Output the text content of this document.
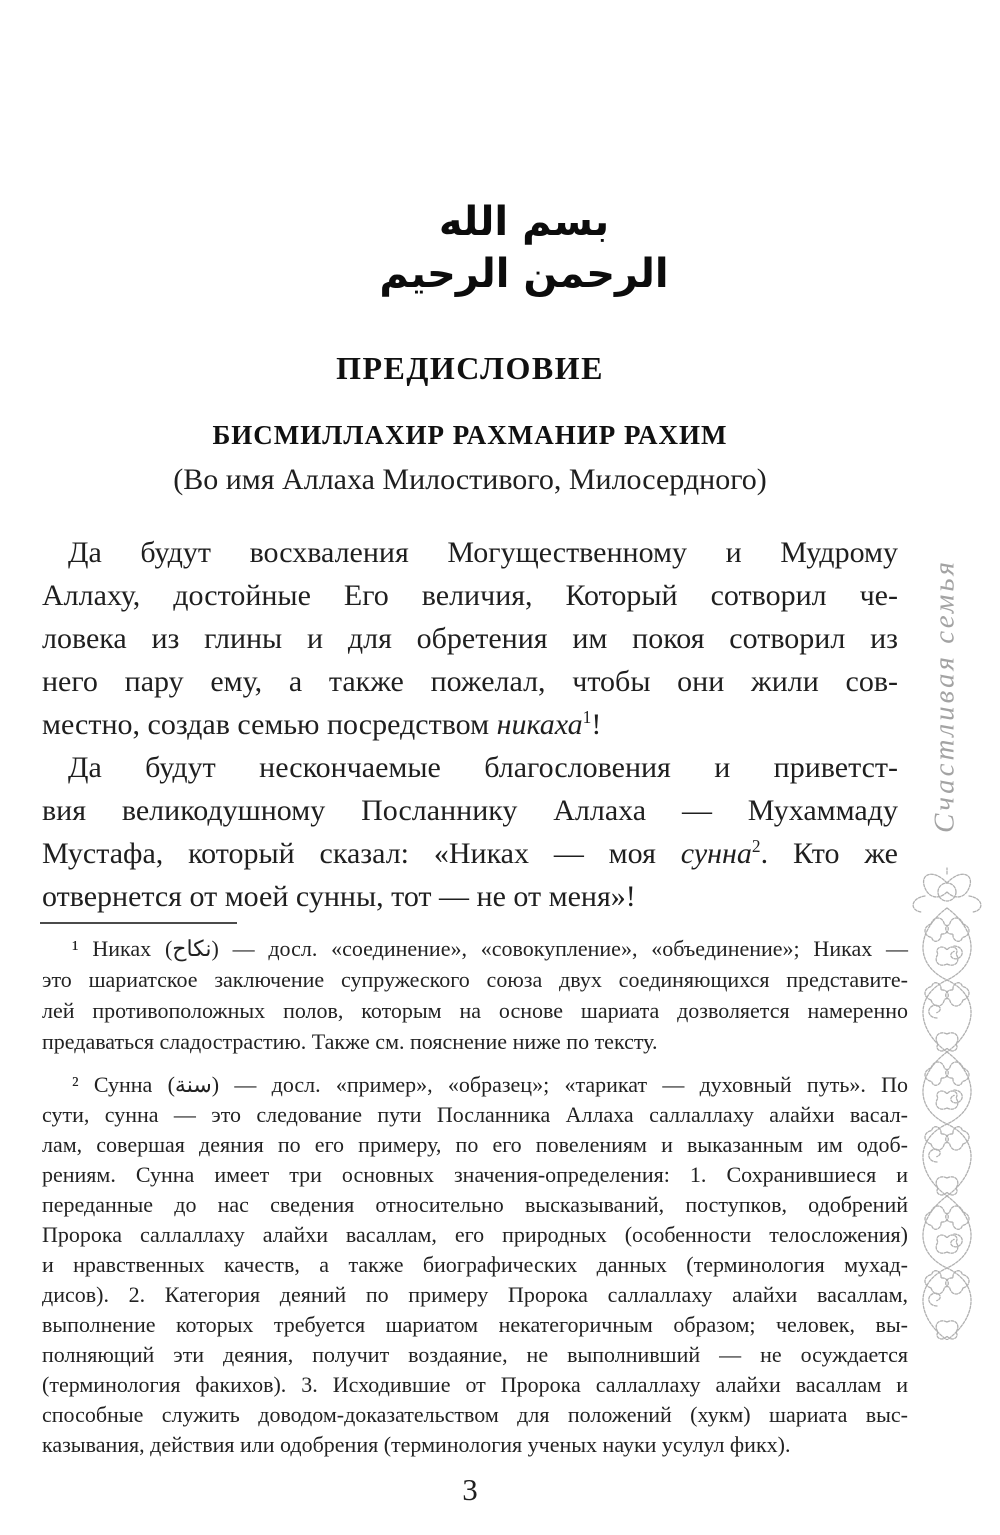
بسم الله الرحمن الرحيم
ПРЕДИСЛОВИЕ
БИСМИЛЛАХИР РАХМАНИР РАХИМ
(Во имя Аллаха Милостивого, Милосердного)
Да будут восхваления Могущественному и Мудрому
Аллаху, достойные Его величия, Который сотворил че-
ловека из глины и для обретения им покоя сотворил из
него пару ему, а также пожелал, чтобы они жили сов-
местно, создав семью посредством никаха$^1$!
Да будут нескончаемые благословения и приветст-
вия великодушному Посланнику Аллаха — Мухаммаду
Мустафа, который сказал: «Никах — моя сунна$^2$. Кто же
отвернется от моей сунны, тот — не от меня»!
¹ Никах (نكاح) — досл. «соединение», «совокупление», «объединение»; Никах —
это шариатское заключение супружеского союза двух соединяющихся представите-
лей противоположных полов, которым на основе шариата дозволяется намеренно
предаваться сладострастию. Также см. пояснение ниже по тексту.
² Сунна (سنة) — досл. «пример», «образец»; «тарикат — духовный путь». По
сути, сунна — это следование пути Посланника Аллаха саллаллаху алайхи васал-
лам, совершая деяния по его примеру, по его повелениям и выказанным им одоб-
рениям. Сунна имеет три основных значения-определения: 1. Сохранившиеся и
переданные до нас сведения относительно высказываний, поступков, одобрений
Пророка саллаллаху алайхи васаллам, его природных (особенности телосложения)
и нравственных качеств, а также биографических данных (терминология мухад-
дисов). 2. Категория деяний по примеру Пророка саллаллаху алайхи васаллам,
выполнение которых требуется шариатом некатегоричным образом; человек, вы-
полняющий эти деяния, получит воздаяние, не выполнивший — не осуждается
(терминология факихов). 3. Исходившие от Пророка саллаллаху алайхи васаллам и
способные служить доводом-доказательством для положений (хукм) шариата выс-
казывания, действия или одобрения (терминология ученых науки усулул фикх).
Счастливая семья
3
